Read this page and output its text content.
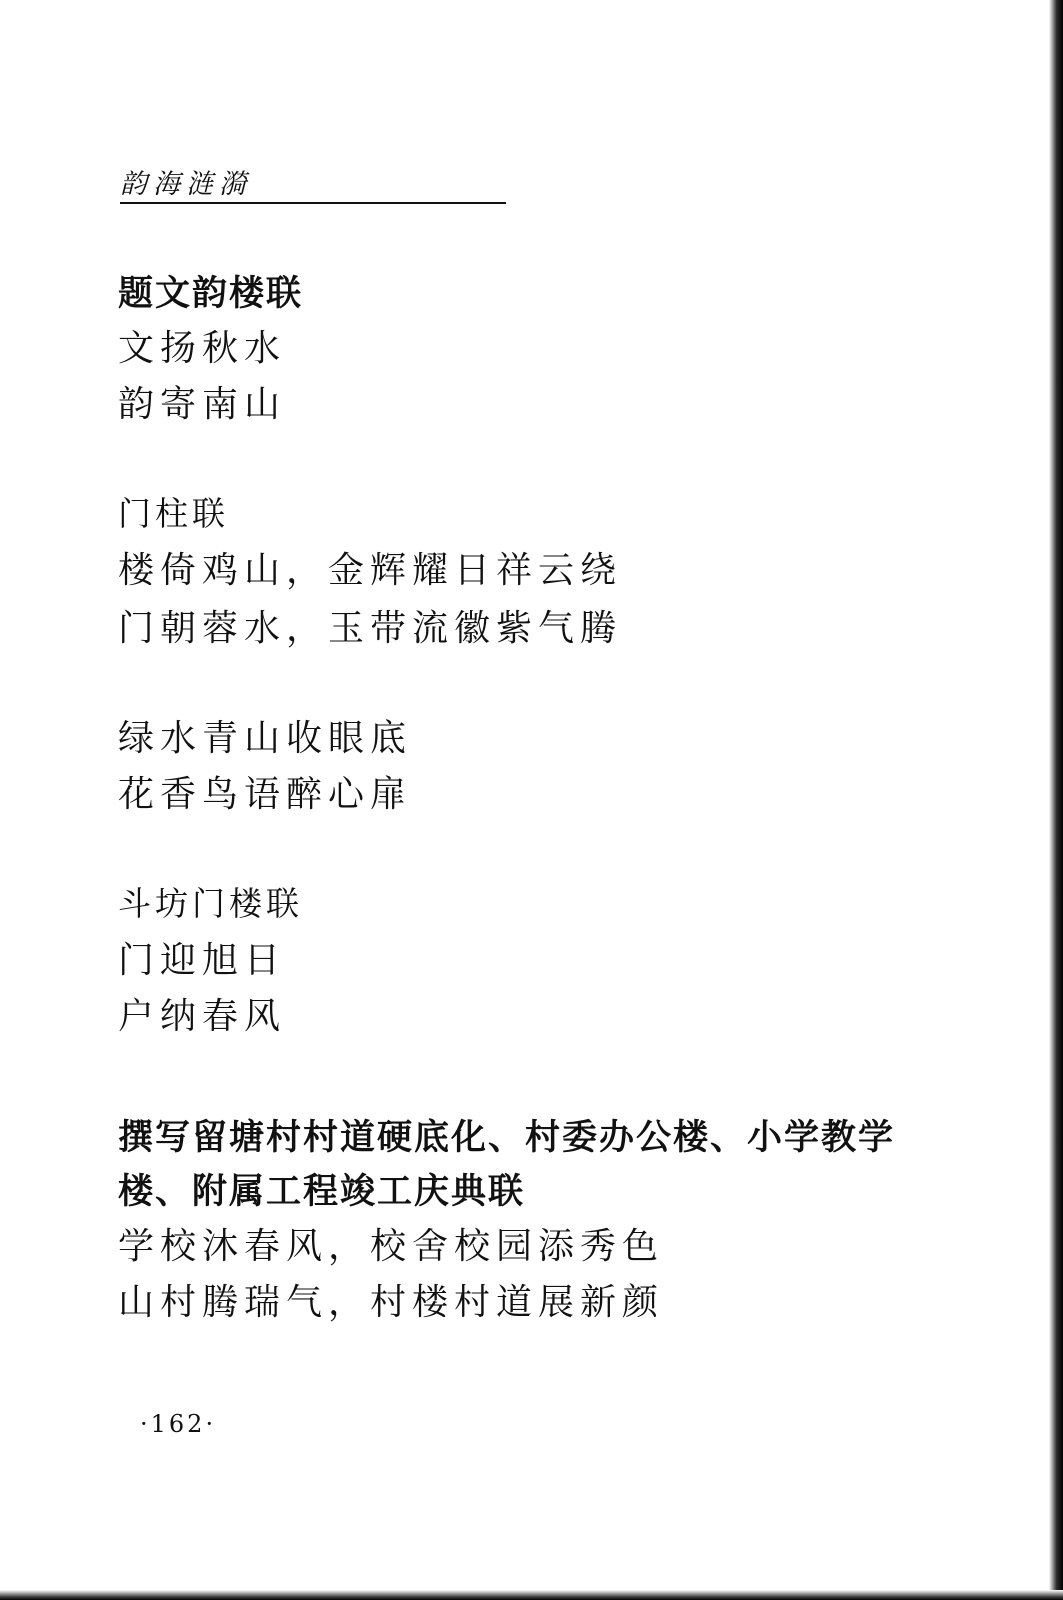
韵海涟漪
题文韵楼联
文扬秋水
韵寄南山
门柱联
楼倚鸡山，金辉耀日祥云绕
门朝蓉水，玉带流徽紫气腾
绿水青山收眼底
花香鸟语醉心扉
斗坊门楼联
门迎旭日
户纳春风
撰写留塘村村道硬底化、村委办公楼、小学教学
楼、附属工程竣工庆典联
学校沐春风，校舍校园添秀色
山村腾瑞气，村楼村道展新颜
·162·
